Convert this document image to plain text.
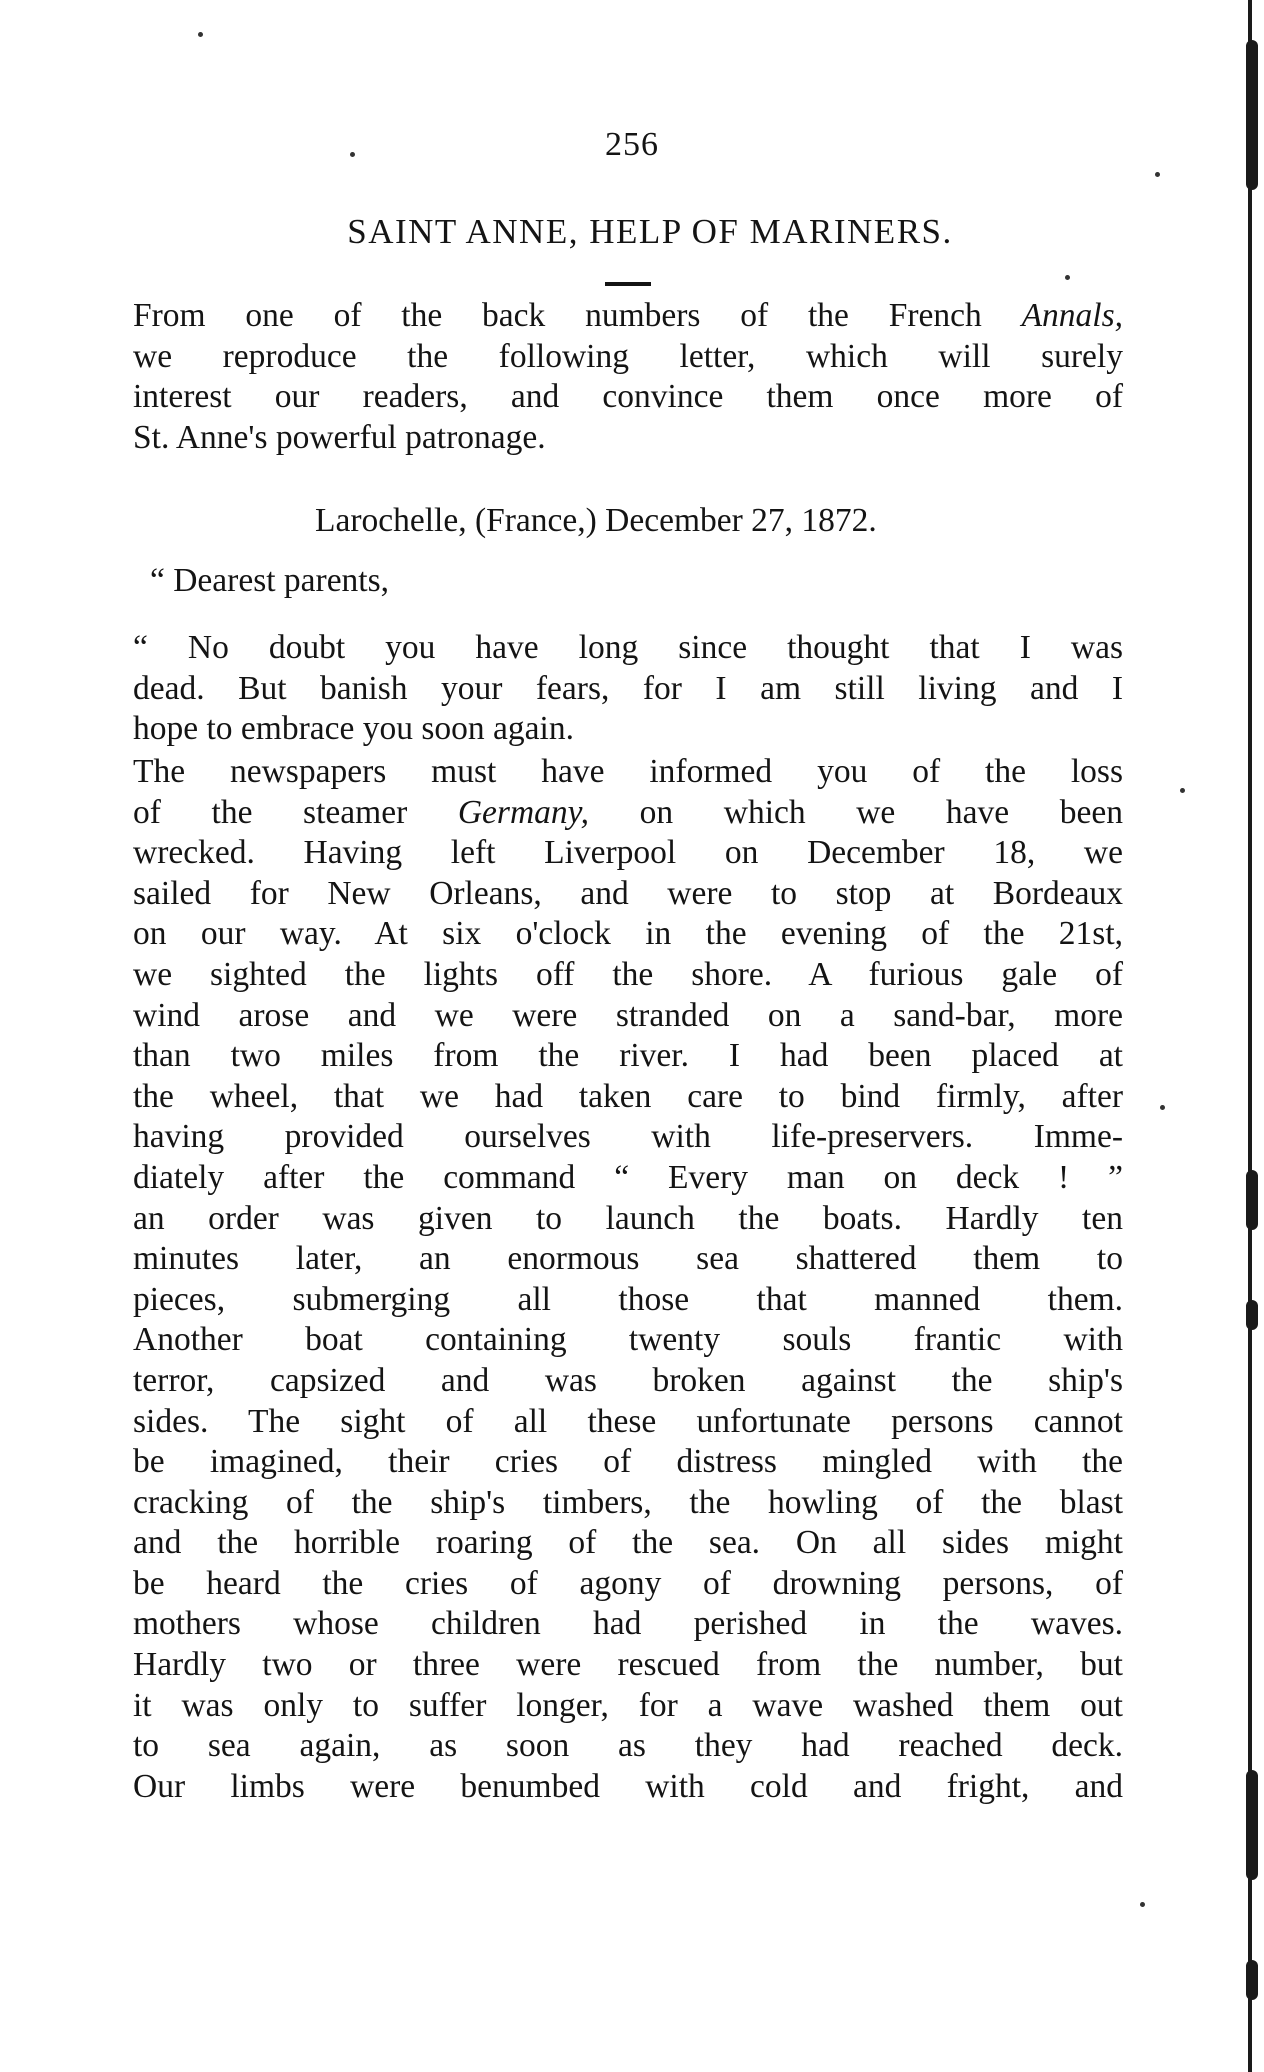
256
SAINT ANNE, HELP OF MARINERS.
From one of the back numbers of the French Annals,
we reproduce the following letter, which will surely
interest our readers, and convince them once more of
St. Anne's powerful patronage.
Larochelle, (France,) December 27, 1872.
“ Dearest parents,
“ No doubt you have long since thought that I was
dead. But banish your fears, for I am still living and I
hope to embrace you soon again.
The newspapers must have informed you of the loss
of the steamer Germany, on which we have been
wrecked. Having left Liverpool on December 18, we
sailed for New Orleans, and were to stop at Bordeaux
on our way. At six o'clock in the evening of the 21st,
we sighted the lights off the shore. A furious gale of
wind arose and we were stranded on a sand-bar, more
than two miles from the river. I had been placed at
the wheel, that we had taken care to bind firmly, after
having provided ourselves with life-preservers. Imme-
diately after the command “ Every man on deck ! ”
an order was given to launch the boats. Hardly ten
minutes later, an enormous sea shattered them to
pieces, submerging all those that manned them.
Another boat containing twenty souls frantic with
terror, capsized and was broken against the ship's
sides. The sight of all these unfortunate persons cannot
be imagined, their cries of distress mingled with the
cracking of the ship's timbers, the howling of the blast
and the horrible roaring of the sea. On all sides might
be heard the cries of agony of drowning persons, of
mothers whose children had perished in the waves.
Hardly two or three were rescued from the number, but
it was only to suffer longer, for a wave washed them out
to sea again, as soon as they had reached deck.
Our limbs were benumbed with cold and fright, and
